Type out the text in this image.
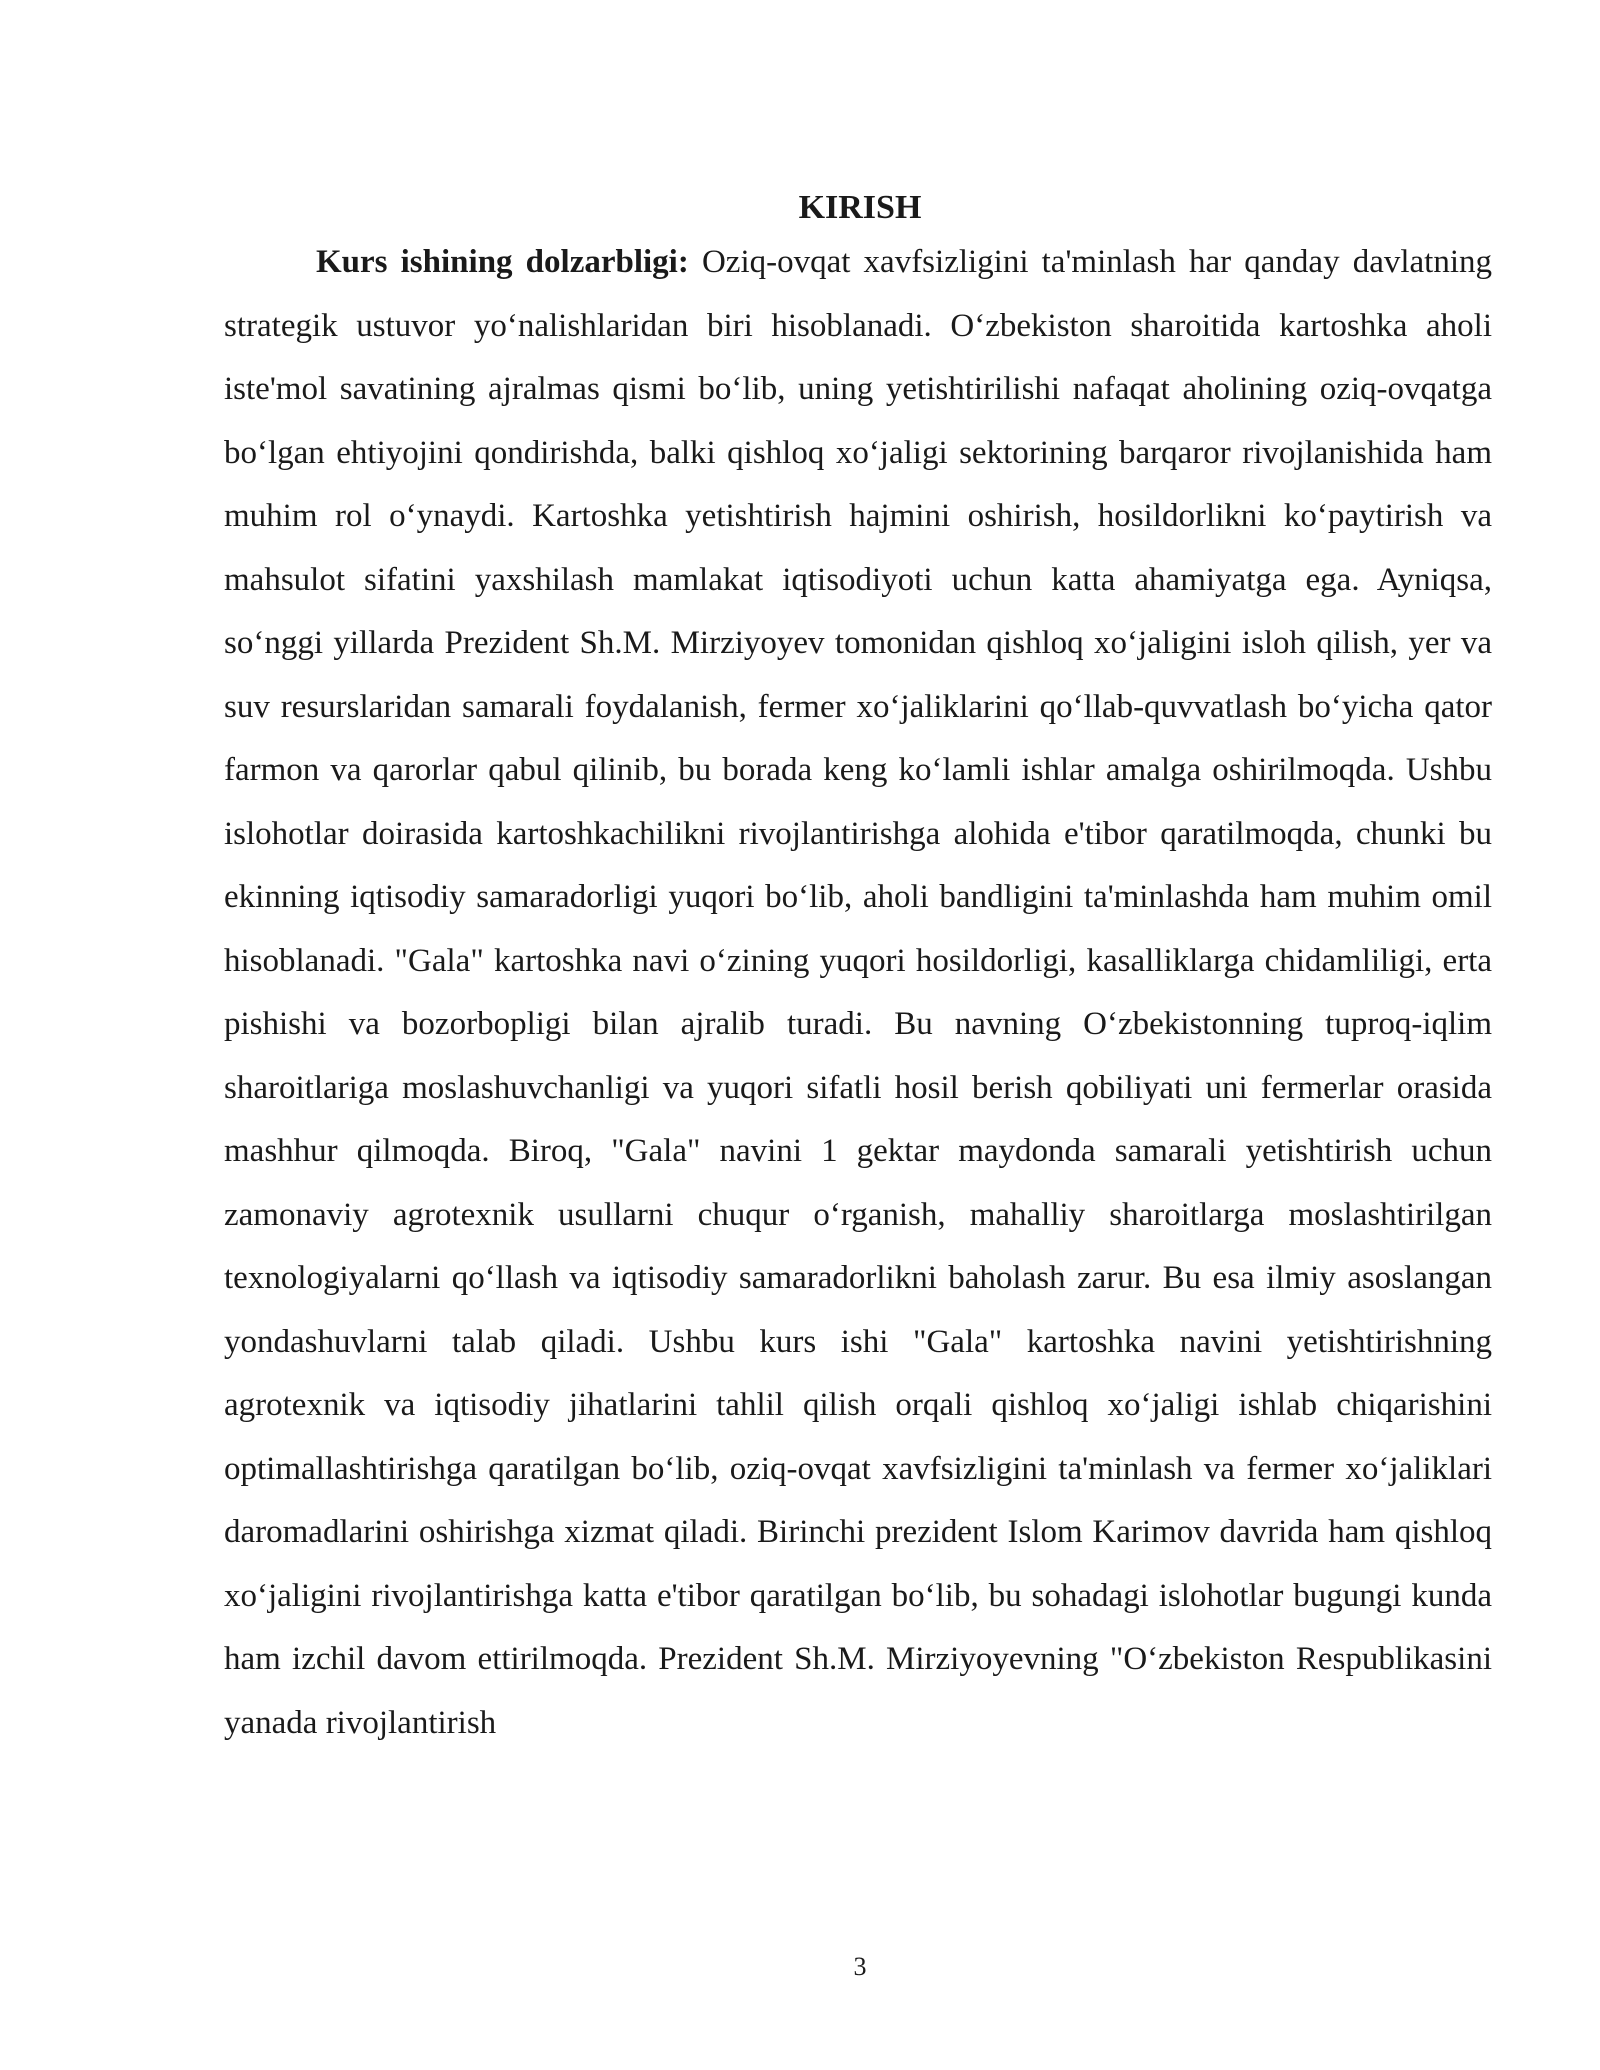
KIRISH

Kurs ishining dolzarbligi: Oziq-ovqat xavfsizligini ta'minlash har qanday davlatning strategik ustuvor yoʻnalishlaridan biri hisoblanadi. Oʻzbekiston sharoitida kartoshka aholi iste'mol savatining ajralmas qismi boʻlib, uning yetishtirilishi nafaqat aholining oziq-ovqatga boʻlgan ehtiyojini qondirishda, balki qishloq xoʻjaligi sektorining barqaror rivojlanishida ham muhim rol oʻynaydi. Kartoshka yetishtirish hajmini oshirish, hosildorlikni koʻpaytirish va mahsulot sifatini yaxshilash mamlakat iqtisodiyoti uchun katta ahamiyatga ega. Ayniqsa, soʻnggi yillarda Prezident Sh.M. Mirziyoyev tomonidan qishloq xoʻjaligini isloh qilish, yer va suv resurslaridan samarali foydalanish, fermer xoʻjaliklarini qoʻllab-quvvatlash boʻyicha qator farmon va qarorlar qabul qilinib, bu borada keng koʻlamli ishlar amalga oshirilmoqda. Ushbu islohotlar doirasida kartoshkachilikni rivojlantirishga alohida e'tibor qaratilmoqda, chunki bu ekinning iqtisodiy samaradorligi yuqori boʻlib, aholi bandligini ta'minlashda ham muhim omil hisoblanadi. "Gala" kartoshka navi oʻzining yuqori hosildorligi, kasalliklarga chidamliligi, erta pishishi va bozorbopligi bilan ajralib turadi. Bu navning Oʻzbekistonning tuproq-iqlim sharoitlariga moslashuvchanligi va yuqori sifatli hosil berish qobiliyati uni fermerlar orasida mashhur qilmoqda. Biroq, "Gala" navini 1 gektar maydonda samarali yetishtirish uchun zamonaviy agrotexnik usullarni chuqur oʻrganish, mahalliy sharoitlarga moslashtirilgan texnologiyalarni qoʻllash va iqtisodiy samaradorlikni baholash zarur. Bu esa ilmiy asoslangan yondashuvlarni talab qiladi. Ushbu kurs ishi "Gala" kartoshka navini yetishtirishning agrotexnik va iqtisodiy jihatlarini tahlil qilish orqali qishloq xoʻjaligi ishlab chiqarishini optimallashtirishga qaratilgan boʻlib, oziq-ovqat xavfsizligini ta'minlash va fermer xoʻjaliklari daromadlarini oshirishga xizmat qiladi. Birinchi prezident Islom Karimov davrida ham qishloq xoʻjaligini rivojlantirishga katta e'tibor qaratilgan boʻlib, bu sohadagi islohotlar bugungi kunda ham izchil davom ettirilmoqda. Prezident Sh.M. Mirziyoyevning "Oʻzbekiston Respublikasini yanada rivojlantirish

3
